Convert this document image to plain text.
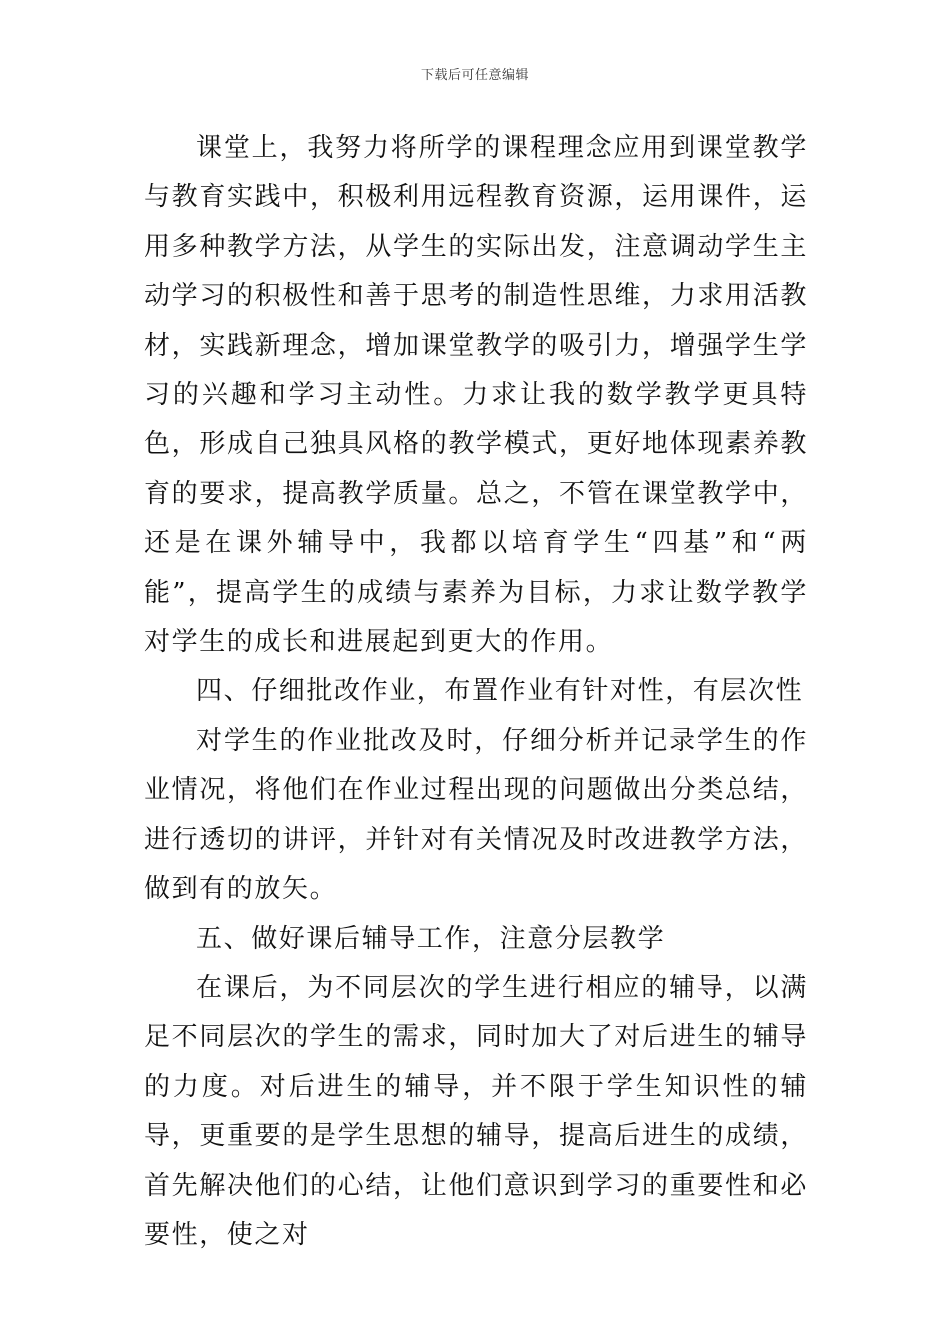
下载后可任意编辑

课堂上，我努力将所学的课程理念应用到课堂教学与教育实践中，积极利用远程教育资源，运用课件，运用多种教学方法，从学生的实际出发，注意调动学生主动学习的积极性和善于思考的制造性思维，力求用活教材，实践新理念，增加课堂教学的吸引力，增强学生学习的兴趣和学习主动性。力求让我的数学教学更具特色，形成自己独具风格的教学模式，更好地体现素养教育的要求，提高教学质量。总之，不管在课堂教学中，还是在课外辅导中，我都以培育学生“四基”和“两能”，提高学生的成绩与素养为目标，力求让数学教学对学生的成长和进展起到更大的作用。

四、仔细批改作业，布置作业有针对性，有层次性

对学生的作业批改及时，仔细分析并记录学生的作业情况，将他们在作业过程出现的问题做出分类总结，进行透切的讲评，并针对有关情况及时改进教学方法，做到有的放矢。

五、做好课后辅导工作，注意分层教学

在课后，为不同层次的学生进行相应的辅导，以满足不同层次的学生的需求，同时加大了对后进生的辅导的力度。对后进生的辅导，并不限于学生知识性的辅导，更重要的是学生思想的辅导，提高后进生的成绩，首先解决他们的心结，让他们意识到学习的重要性和必要性，使之对
